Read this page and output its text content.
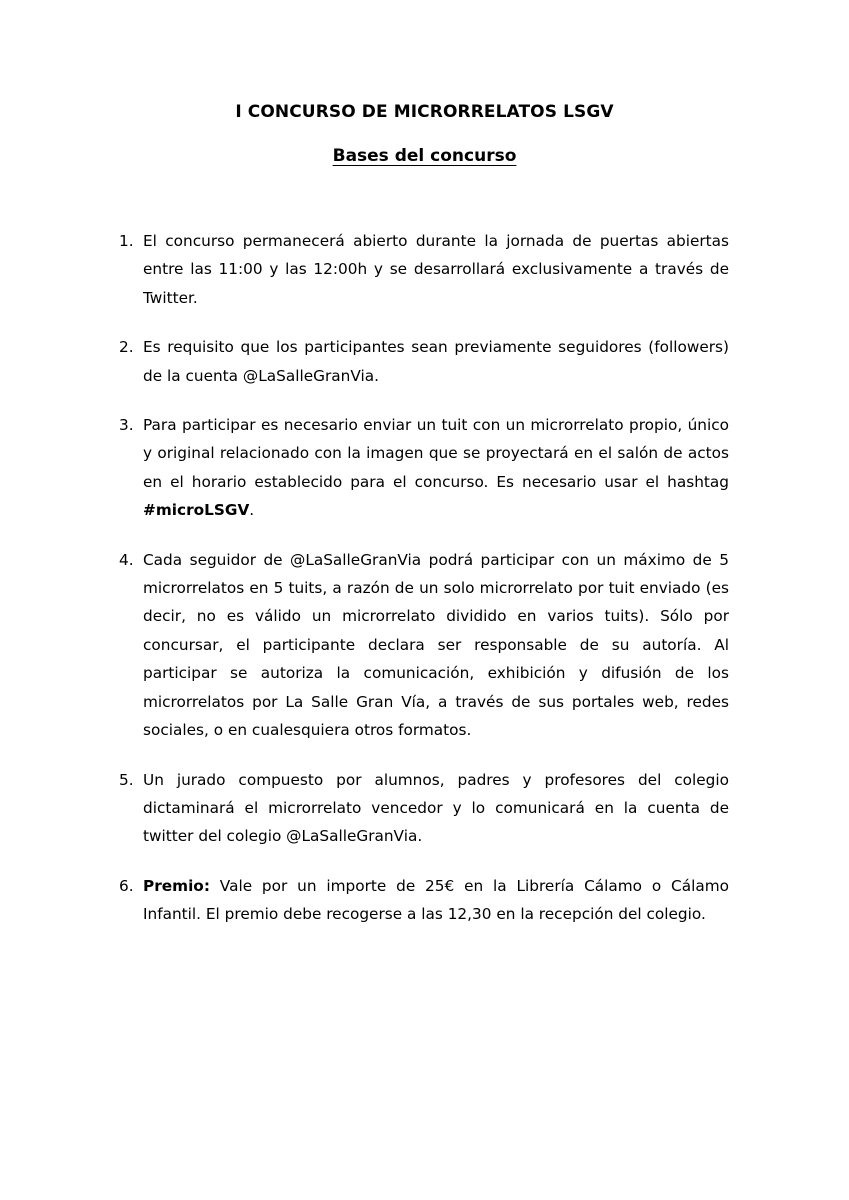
I CONCURSO DE MICRORRELATOS LSGV
Bases del concurso
1. El concurso permanecerá abierto durante la jornada de puertas abiertas entre las 11:00 y las 12:00h y se desarrollará exclusivamente a través de Twitter.
2. Es requisito que los participantes sean previamente seguidores (followers) de la cuenta @LaSalleGranVia.
3. Para participar es necesario enviar un tuit con un microrrelato propio, único y original relacionado con la imagen que se proyectará en el salón de actos en el horario establecido para el concurso. Es necesario usar el hashtag #microLSGV.
4. Cada seguidor de @LaSalleGranVia podrá participar con un máximo de 5 microrrelatos en 5 tuits, a razón de un solo microrrelato por tuit enviado (es decir, no es válido un microrrelato dividido en varios tuits). Sólo por concursar, el participante declara ser responsable de su autoría. Al participar se autoriza la comunicación, exhibición y difusión de los microrrelatos por La Salle Gran Vía, a través de sus portales web, redes sociales, o en cualesquiera otros formatos.
5. Un jurado compuesto por alumnos, padres y profesores del colegio dictaminará el microrrelato vencedor y lo comunicará en la cuenta de twitter del colegio @LaSalleGranVia.
6. Premio: Vale por un importe de 25€ en la Librería Cálamo o Cálamo Infantil. El premio debe recogerse a las 12,30 en la recepción del colegio.
